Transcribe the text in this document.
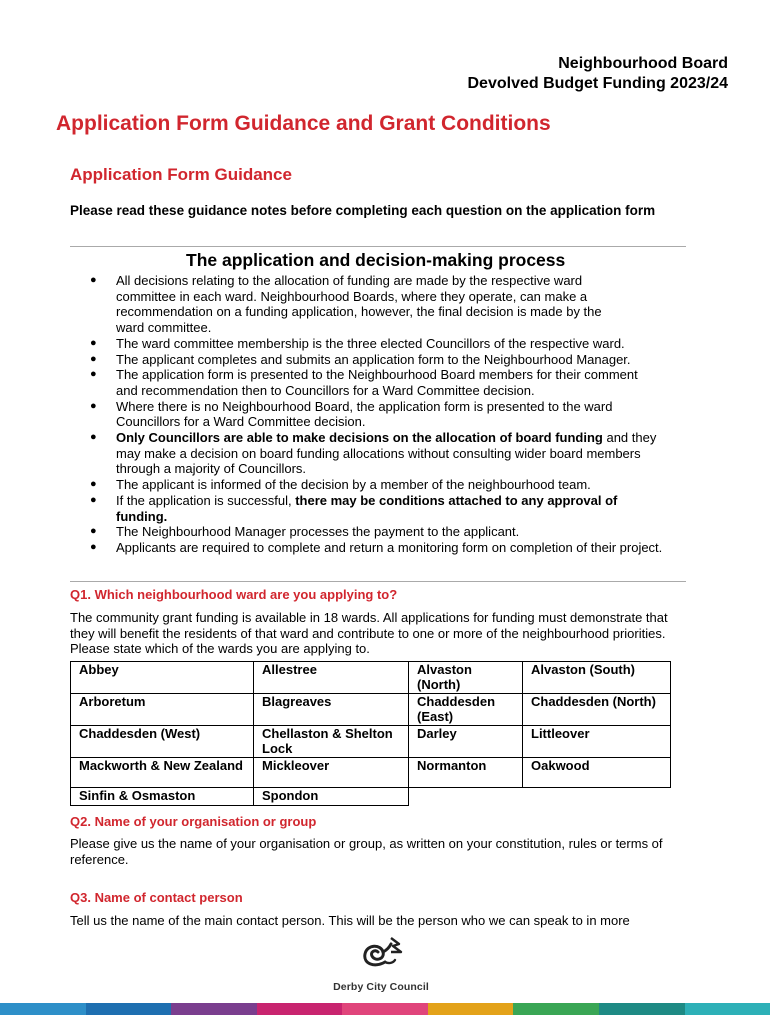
Neighbourhood Board
Devolved Budget Funding 2023/24
Application Form Guidance and Grant Conditions
Application Form Guidance

Please read these guidance notes before completing each question on the application form

The application and decision-making process
● All decisions relating to the allocation of funding are made by the respective ward committee in each ward. Neighbourhood Boards, where they operate, can make a recommendation on a funding application, however, the final decision is made by the ward committee.
● The ward committee membership is the three elected Councillors of the respective ward.
● The applicant completes and submits an application form to the Neighbourhood Manager.
● The application form is presented to the Neighbourhood Board members for their comment and recommendation then to Councillors for a Ward Committee decision.
● Where there is no Neighbourhood Board, the application form is presented to the ward Councillors for a Ward Committee decision.
● Only Councillors are able to make decisions on the allocation of board funding and they may make a decision on board funding allocations without consulting wider board members through a majority of Councillors.
● The applicant is informed of the decision by a member of the neighbourhood team.
● If the application is successful, there may be conditions attached to any approval of funding.
● The Neighbourhood Manager processes the payment to the applicant.
● Applicants are required to complete and return a monitoring form on completion of their project.
Q1. Which neighbourhood ward are you applying to?

The community grant funding is available in 18 wards. All applications for funding must demonstrate that they will benefit the residents of that ward and contribute to one or more of the neighbourhood priorities. Please state which of the wards you are applying to.

Abbey	Allestree	Alvaston (North)	Alvaston (South)
Arboretum	Blagreaves	Chaddesden (East)	Chaddesden (North)
Chaddesden (West)	Chellaston & Shelton Lock	Darley	Littleover
Mackworth & New Zealand	Mickleover	Normanton	Oakwood
Sinfin & Osmaston	Spondon		
Q2. Name of your organisation or group

Please give us the name of your organisation or group, as written on your constitution, rules or terms of reference.

Q3. Name of contact person

Tell us the name of the main contact person. This will be the person who we can speak to in more

Derby City Council
